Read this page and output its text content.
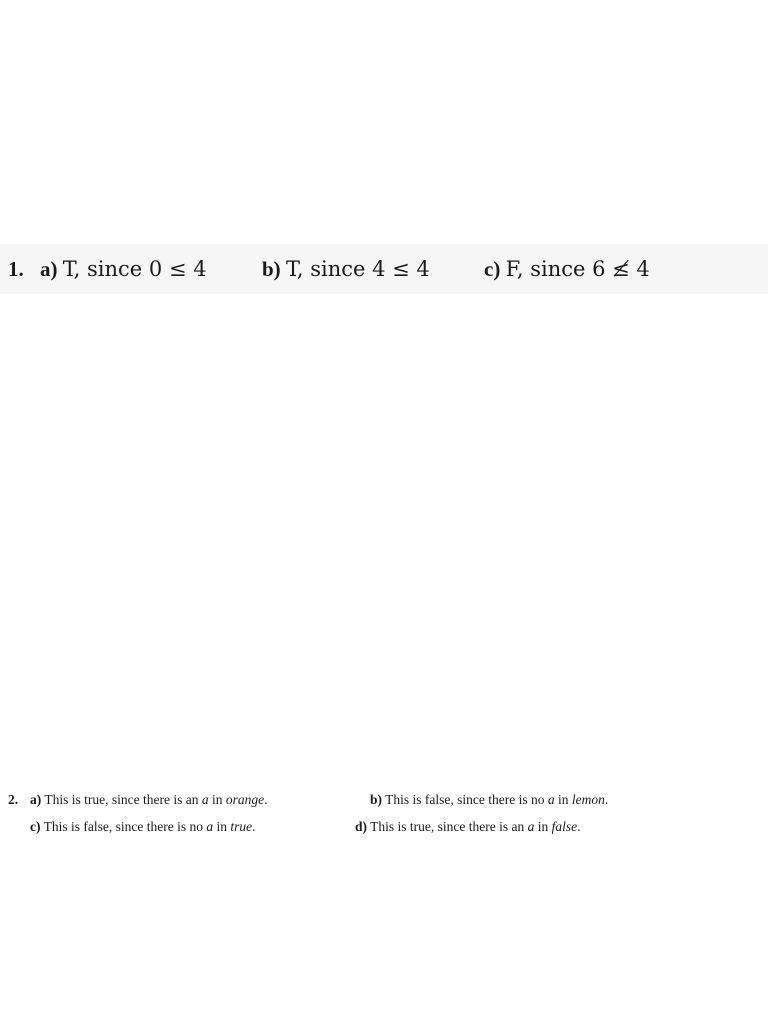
1. a) T, since 0 ≤ 4	b) T, since 4 ≤ 4	c) F, since 6 ≰ 4
2. a) This is true, since there is an a in orange.	b) This is false, since there is no a in lemon.
c) This is false, since there is no a in true.	d) This is true, since there is an a in false.
